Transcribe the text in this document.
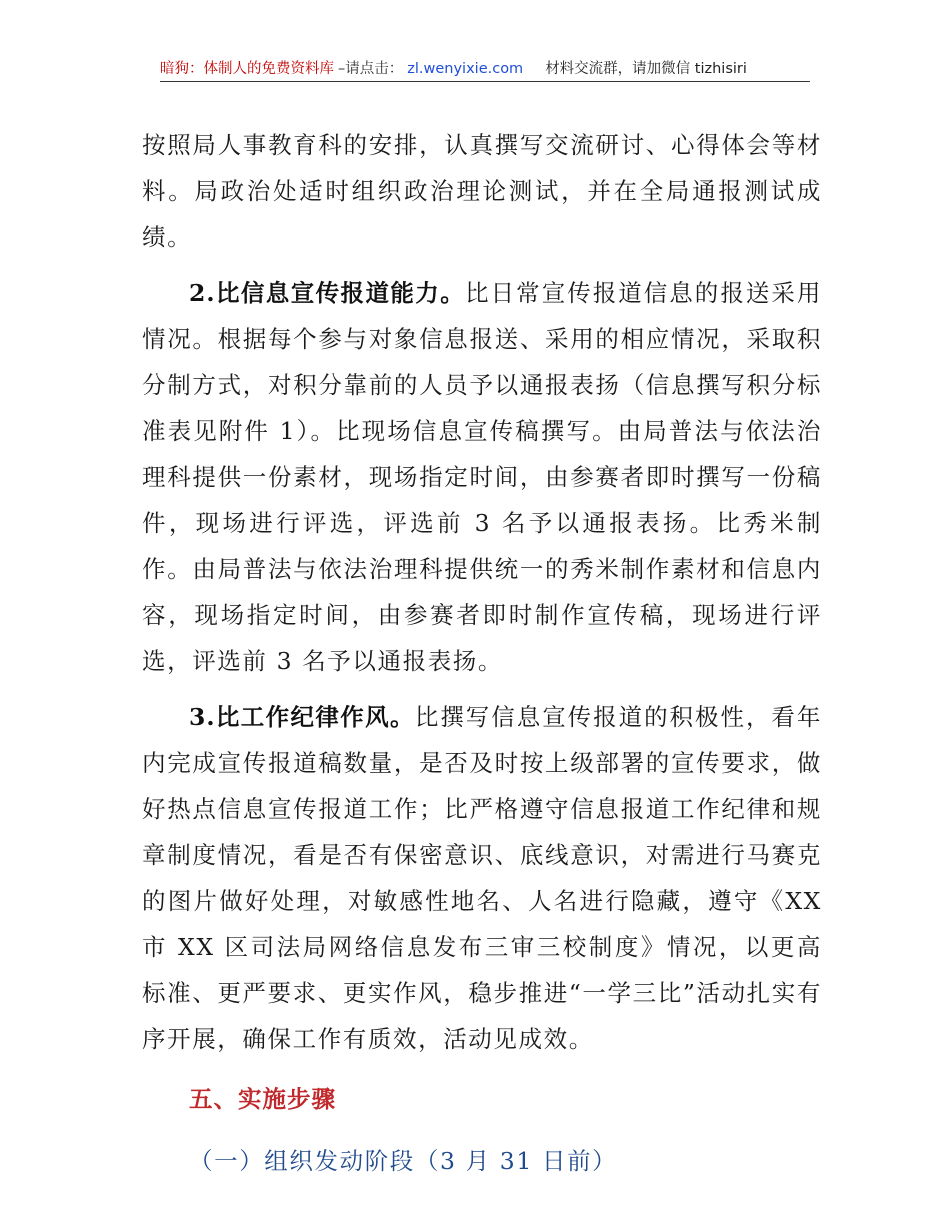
暗狗：体制人的免费资料库 –请点击： zl.wenyixie.com 材料交流群，请加微信 tizhisiri

按照局人事教育科的安排，认真撰写交流研讨、心得体会等材料。局政治处适时组织政治理论测试，并在全局通报测试成绩。

2.比信息宣传报道能力。比日常宣传报道信息的报送采用情况。根据每个参与对象信息报送、采用的相应情况，采取积分制方式，对积分靠前的人员予以通报表扬（信息撰写积分标准表见附件 1）。比现场信息宣传稿撰写。由局普法与依法治理科提供一份素材，现场指定时间，由参赛者即时撰写一份稿件，现场进行评选，评选前 3 名予以通报表扬。比秀米制作。由局普法与依法治理科提供统一的秀米制作素材和信息内容，现场指定时间，由参赛者即时制作宣传稿，现场进行评选，评选前 3 名予以通报表扬。

3.比工作纪律作风。比撰写信息宣传报道的积极性，看年内完成宣传报道稿数量，是否及时按上级部署的宣传要求，做好热点信息宣传报道工作；比严格遵守信息报道工作纪律和规章制度情况，看是否有保密意识、底线意识，对需进行马赛克的图片做好处理，对敏感性地名、人名进行隐藏，遵守《XX 市 XX 区司法局网络信息发布三审三校制度》情况，以更高标准、更严要求、更实作风，稳步推进“一学三比”活动扎实有序开展，确保工作有质效，活动见成效。

五、实施步骤
（一）组织发动阶段（3 月 31 日前）
